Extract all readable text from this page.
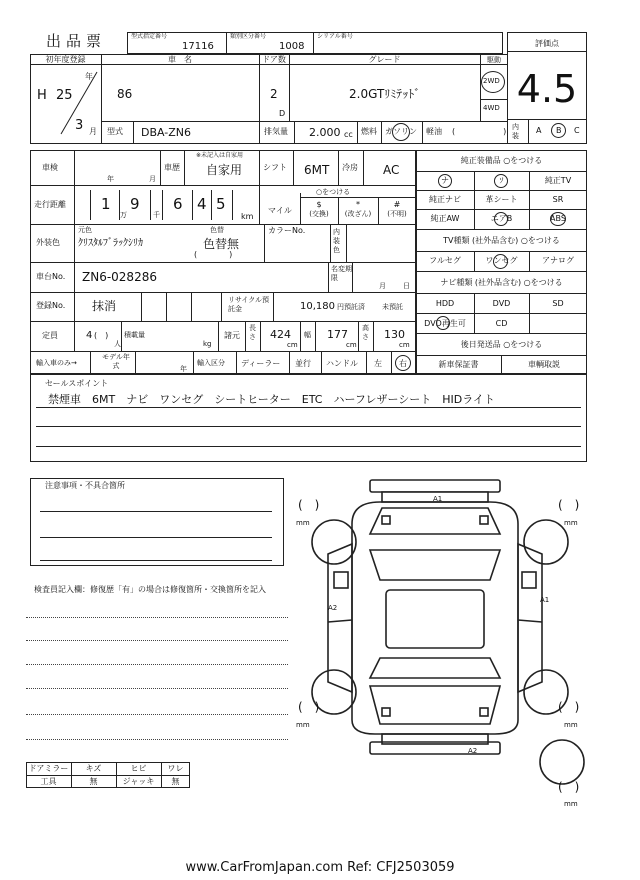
出品票	型式指定番号
17116
類別区分番号
1008
シリアル番号
評価点
4.5
内装
A B C
初年度登録
H 25
年
3 月
車　名
86
ドア数
2
D
グレード
2.0GTﾘﾐﾃｯﾄﾞ
駆動
2WD
4WD
型式 DBA-ZN6	排気量 2.000 cc 燃料 ガソリン 軽油 (　　　　　　)
車検
年	月
車歴
※未記入は自家用
自家用	シフト 6MT 冷房 AC
走行距離 1 9
万	千
6 4 5
km
マイル
○をつける
$
(交換)
*
(改ざん)
#
(不明)
外装色
元色
ｸﾘｽﾀﾙﾌﾞﾗｯｸｼﾘｶ
色替
色替無
(　　　　)
カラーNo.	内装色
車台No. ZN6-028286
名変期限
月 日
登録No. 抹消	リサイクル預託金	10,180 円預託済 未預託
定員	4 (　)
人
積載量
kg
諸元
長さ 424
cm
幅 177
cm
高さ 130
cm
輸入車のみ→
モデル年式	年
輸入区分 ディーラー 並行 ハンドル 左 右
純正装備品 ○をつける
ナ	ｿ	純正TV
純正ナビ	革シート	SR
純正AW	エアB	ABS
TV種類 (社外品含む) ○をつける
フルセグ	ワンセグ	アナログ
ナビ種類 (社外品含む) ○をつける
HDD	DVD	SD
DVD再生可	CD
後日発送品 ○をつける
新車保証書	車輌取説
セールスポイント
禁煙車　6MT　ナビ　ワンセグ　シートヒーター　ETC　ハーフレザーシート　HIDライト
注意事項・不具合箇所
検査員記入欄：修復歴「有」の場合は修復箇所・交換箇所を記入
ドアミラー	キズ	ヒビ	ワレ
工具	無	ジャッキ	無
A1
A2
A1
A2
(　)
mm
(　)
mm
(　)
mm
(　)
mm
(　)
mm
www.CarFromJapan.com Ref: CFJ2503059
